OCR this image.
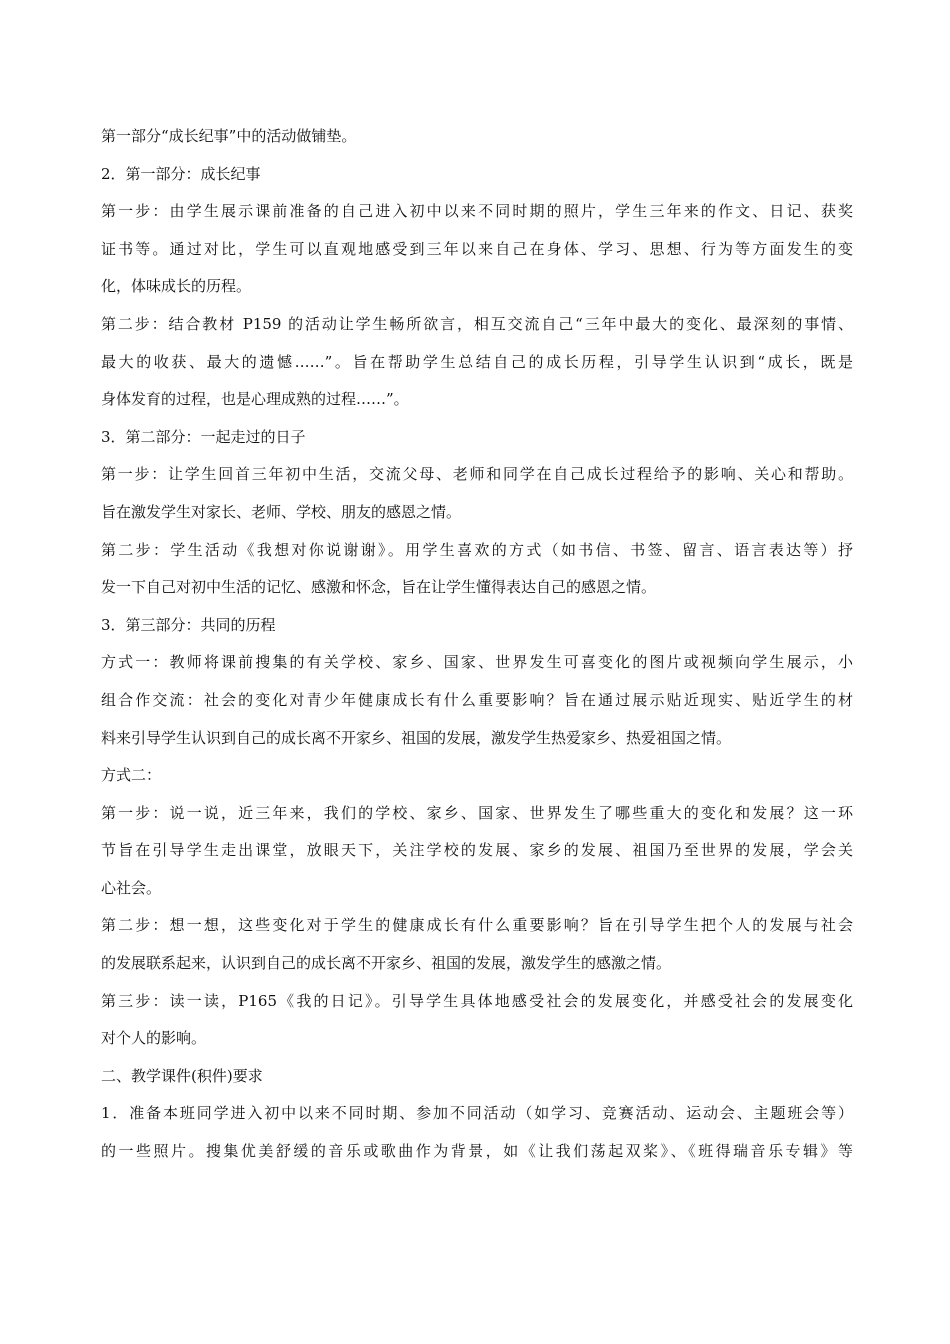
第一部分“成长纪事”中的活动做铺垫。
2．第一部分：成长纪事
第一步：由学生展示课前准备的自己进入初中以来不同时期的照片，学生三年来的作文、日记、获奖
证书等。通过对比，学生可以直观地感受到三年以来自己在身体、学习、思想、行为等方面发生的变
化，体味成长的历程。
第二步：结合教材 P159 的活动让学生畅所欲言，相互交流自己“三年中最大的变化、最深刻的事情、
最大的收获、最大的遗憾……”。旨在帮助学生总结自己的成长历程，引导学生认识到“成长，既是
身体发育的过程，也是心理成熟的过程……”。
3．第二部分：一起走过的日子
第一步：让学生回首三年初中生活，交流父母、老师和同学在自己成长过程给予的影响、关心和帮助。
旨在激发学生对家长、老师、学校、朋友的感恩之情。
第二步：学生活动《我想对你说谢谢》。用学生喜欢的方式（如书信、书签、留言、语言表达等）抒
发一下自己对初中生活的记忆、感激和怀念，旨在让学生懂得表达自己的感恩之情。
3．第三部分：共同的历程
方式一：教师将课前搜集的有关学校、家乡、国家、世界发生可喜变化的图片或视频向学生展示，小
组合作交流：社会的变化对青少年健康成长有什么重要影响？旨在通过展示贴近现实、贴近学生的材
料来引导学生认识到自己的成长离不开家乡、祖国的发展，激发学生热爱家乡、热爱祖国之情。
方式二：
第一步：说一说，近三年来，我们的学校、家乡、国家、世界发生了哪些重大的变化和发展？这一环
节旨在引导学生走出课堂，放眼天下，关注学校的发展、家乡的发展、祖国乃至世界的发展，学会关
心社会。
第二步：想一想，这些变化对于学生的健康成长有什么重要影响？旨在引导学生把个人的发展与社会
的发展联系起来，认识到自己的成长离不开家乡、祖国的发展，激发学生的感激之情。
第三步：读一读，P165《我的日记》。引导学生具体地感受社会的发展变化，并感受社会的发展变化
对个人的影响。
二、教学课件(积件)要求
1．准备本班同学进入初中以来不同时期、参加不同活动（如学习、竞赛活动、运动会、主题班会等）
的一些照片。搜集优美舒缓的音乐或歌曲作为背景，如《让我们荡起双桨》、《班得瑞音乐专辑》等
